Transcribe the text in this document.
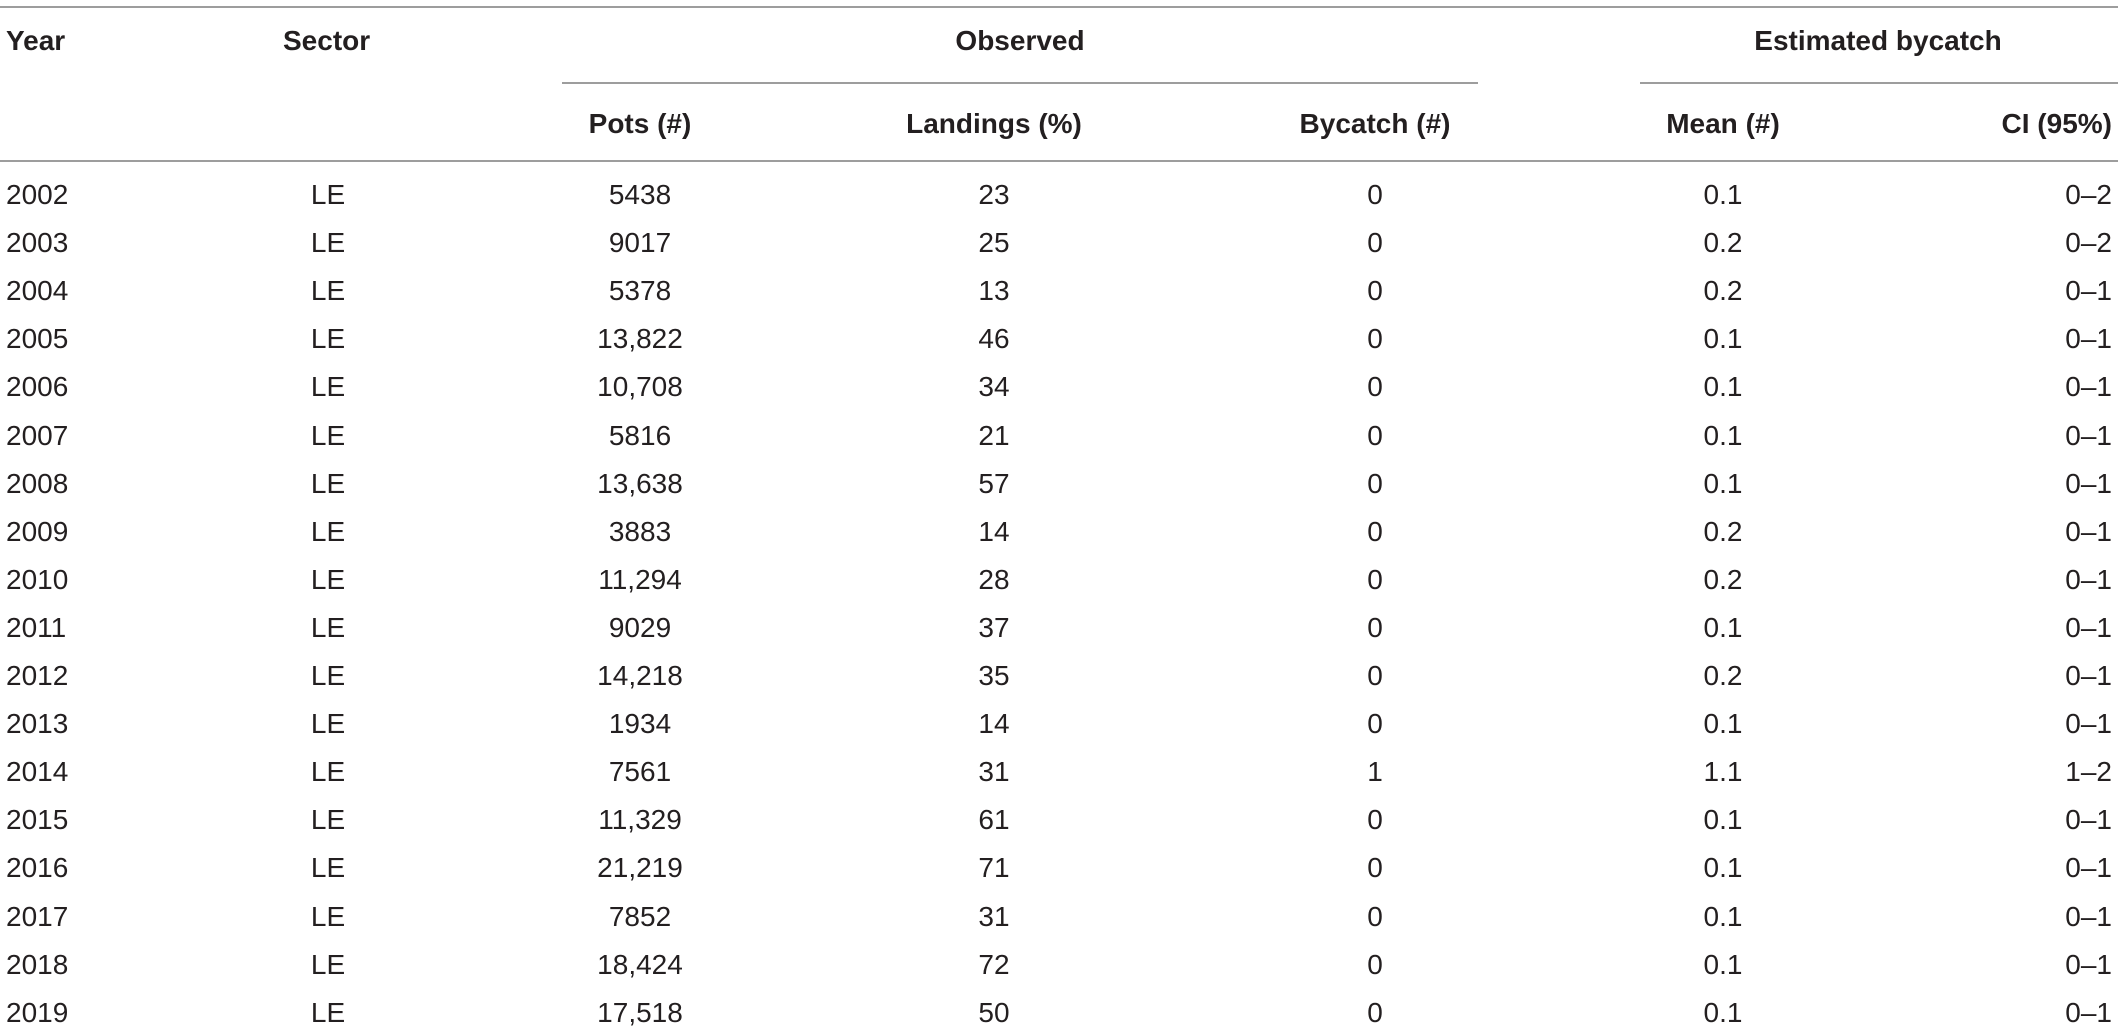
Year	Sector	Observed	Estimated bycatch
Pots (#)	Landings (%)	Bycatch (#)	Mean (#)	CI (95%)
2002	LE	5438	23	0	0.1	0–2
2003	LE	9017	25	0	0.2	0–2
2004	LE	5378	13	0	0.2	0–1
2005	LE	13,822	46	0	0.1	0–1
2006	LE	10,708	34	0	0.1	0–1
2007	LE	5816	21	0	0.1	0–1
2008	LE	13,638	57	0	0.1	0–1
2009	LE	3883	14	0	0.2	0–1
2010	LE	11,294	28	0	0.2	0–1
2011	LE	9029	37	0	0.1	0–1
2012	LE	14,218	35	0	0.2	0–1
2013	LE	1934	14	0	0.1	0–1
2014	LE	7561	31	1	1.1	1–2
2015	LE	11,329	61	0	0.1	0–1
2016	LE	21,219	71	0	0.1	0–1
2017	LE	7852	31	0	0.1	0–1
2018	LE	18,424	72	0	0.1	0–1
2019	LE	17,518	50	0	0.1	0–1
